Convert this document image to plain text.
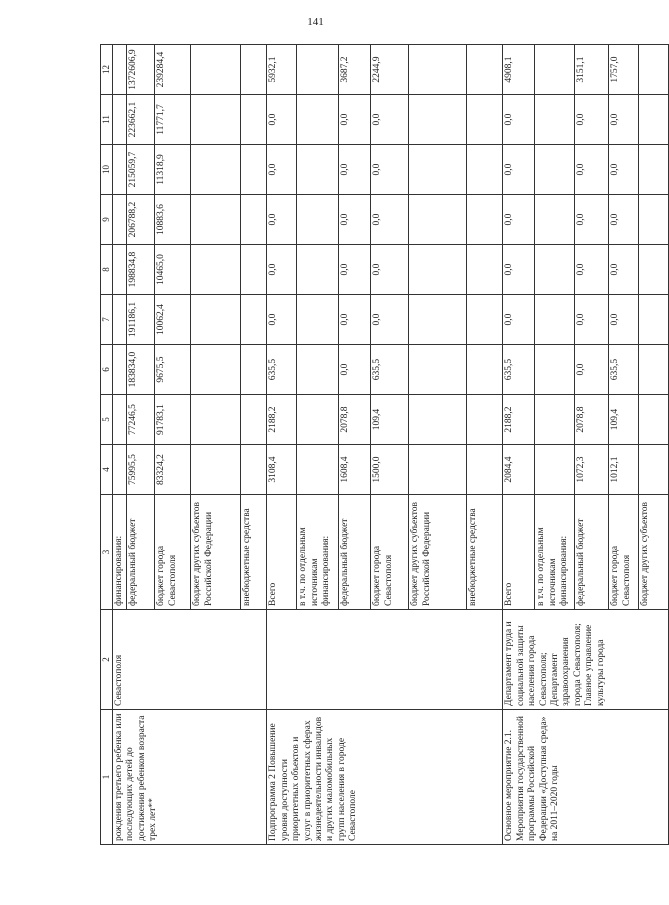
141
1	2	3	4	5	6	7	8	9	10	11	12
рождения третьего ребенка или последующих детей до достижения ребенком возраста трех лет**	Севастополя	финансирования:									
		федеральный бюджет	75995,5	77246,5	183834,0	191186,1	198834,8	206788,2	215059,7	223662,1	1372606,9
		бюджет города Севастополя	83324,2	91783,1	9675,5	10062,4	10465,0	10883,6	11318,9	11771,7	239284,4
		бюджет других субъектов Российской Федерации									
		внебюджетные средства									
Подпрограмма 2 Повышение уровня доступности приоритетных объектов и услуг в приоритетных сферах жизнедеятельности инвалидов и других маломобильных групп населения в городе Севастополе		Всего	3108,4	2188,2	635,5	0,0	0,0	0,0	0,0	0,0	5932,1
		в т.ч. по отдельным источникам финансирования:									
		федеральный бюджет	1608,4	2078,8	0,0	0,0	0,0	0,0	0,0	0,0	3687,2
		бюджет города Севастополя	1500,0	109,4	635,5	0,0	0,0	0,0	0,0	0,0	2244,9
		бюджет других субъектов Российской Федерации									
		внебюджетные средства									
Основное мероприятие 2.1. Мероприятия государственной программы Российской Федерации «Доступная среда» на 2011–2020 годы	Департамент труда и социальной защиты населения города Севастополя; Департамент здравоохранения города Севастополя; Главное управление культуры города	Всего	2084,4	2188,2	635,5	0,0	0,0	0,0	0,0	0,0	4908,1
		в т.ч. по отдельным источникам финансирования:									
		федеральный бюджет	1072,3	2078,8	0,0	0,0	0,0	0,0	0,0	0,0	3151,1
		бюджет города Севастополя	1012,1	109,4	635,5	0,0	0,0	0,0	0,0	0,0	1757,0
		бюджет других субъектов									
